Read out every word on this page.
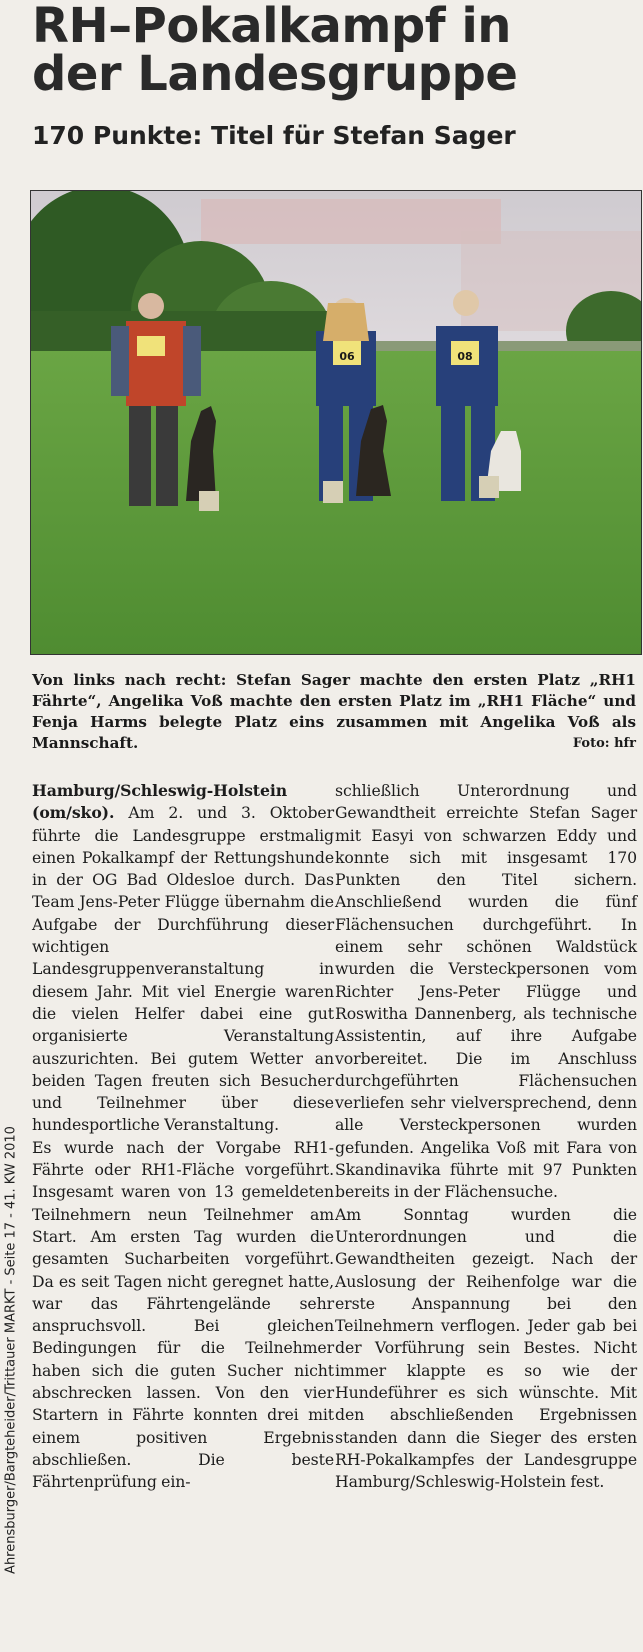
RH–Pokalkampf in
der Landesgruppe
170 Punkte: Titel für Stefan Sager
06	08
Von links nach recht: Stefan Sager machte den ersten Platz „RH1 Fährte“, Angelika Voß machte den ersten Platz im „RH1 Fläche“ und Fenja Harms belegte Platz eins zusammen mit Angelika Voß als Mannschaft.	Foto: hfr

Hamburg/Schleswig-Holstein (om/sko). Am 2. und 3. Oktober führte die Landesgruppe erstmalig einen Pokalkampf der Rettungshunde in der OG Bad Oldesloe durch. Das Team Jens-Peter Flügge übernahm die Aufgabe der Durchführung dieser wichtigen Landesgruppenveranstaltung in diesem Jahr. Mit viel Energie waren die vielen Helfer dabei eine gut organisierte Veranstaltung auszurichten. Bei gutem Wetter an beiden Tagen freuten sich Besucher und Teilnehmer über diese hundesportliche Veranstaltung.

Es wurde nach der Vorgabe RH1-Fährte oder RH1-Fläche vorgeführt. Insgesamt waren von 13 gemeldeten Teilnehmern neun Teilnehmer am Start. Am ersten Tag wurden die gesamten Sucharbeiten vorgeführt. Da es seit Tagen nicht geregnet hatte, war das Fährtengelände sehr anspruchsvoll. Bei gleichen Bedingungen für die Teilnehmer haben sich die guten Sucher nicht abschrecken lassen. Von den vier Startern in Fährte konnten drei mit einem positiven Ergebnis abschließen. Die beste Fährtenprüfung ein-

schließlich Unterordnung und Gewandtheit erreichte Stefan Sager mit Easyi von schwarzen Eddy und konnte sich mit insgesamt 170 Punkten den Titel sichern. Anschließend wurden die fünf Flächensuchen durchgeführt. In einem sehr schönen Waldstück wurden die Versteckpersonen vom Richter Jens-Peter Flügge und Roswitha Dannenberg, als technische Assistentin, auf ihre Aufgabe vorbereitet. Die im Anschluss durchgeführten Flächensuchen verliefen sehr vielversprechend, denn alle Versteckpersonen wurden gefunden. Angelika Voß mit Fara von Skandinavika führte mit 97 Punkten bereits in der Flächensuche.

Am Sonntag wurden die Unterordnungen und die Gewandtheiten gezeigt. Nach der Auslosung der Reihenfolge war die erste Anspannung bei den Teilnehmern verflogen. Jeder gab bei der Vorführung sein Bestes. Nicht immer klappte es so wie der Hundeführer es sich wünschte. Mit den abschließenden Ergebnissen standen dann die Sieger des ersten RH-Pokalkampfes der Landesgruppe Hamburg/Schleswig-Holstein fest.

Ahrensburger/Bargteheider/Trittauer MARKT - Seite 17 - 41. KW 2010
